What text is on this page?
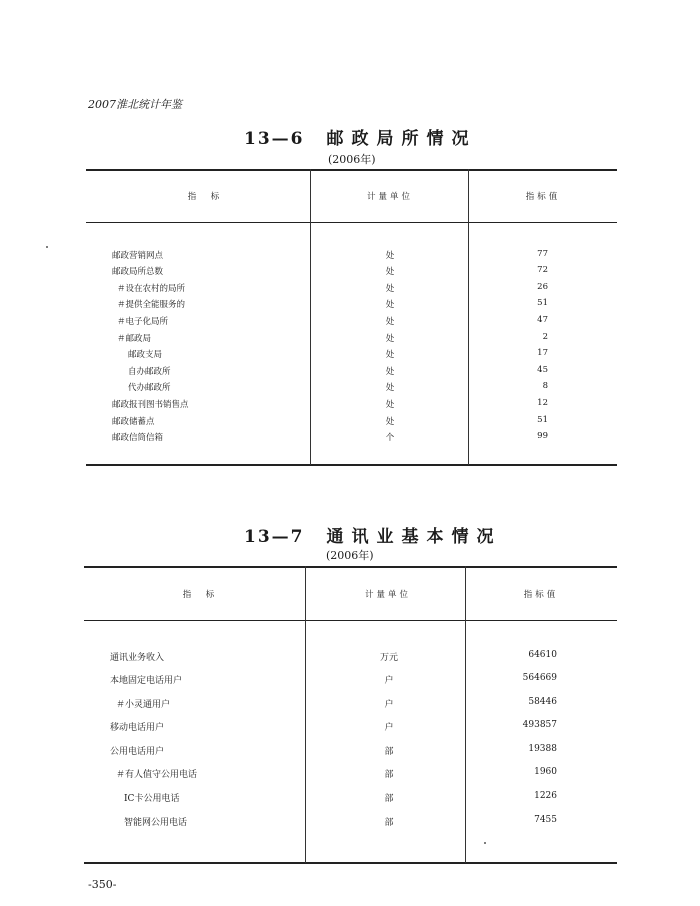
2007淮北统计年鉴
13—6 邮政局所情况
(2006年)
指　标	计量单位	指标值
邮政营销网点	处	77
邮政局所总数	处	72
＃设在农村的局所	处	26
＃提供全能服务的	处	51
＃电子化局所	处	47
＃邮政局	处	2
邮政支局	处	17
自办邮政所	处	45
代办邮政所	处	8
邮政报刊图书销售点	处	12
邮政储蓄点	处	51
邮政信筒信箱	个	99
13—7 通讯业基本情况
(2006年)
指　标	计量单位	指标值
通讯业务收入	万元	64610
本地固定电话用户	户	564669
＃小灵通用户	户	58446
移动电话用户	户	493857
公用电话用户	部	19388
＃有人值守公用电话	部	1960
IC卡公用电话	部	1226
智能网公用电话	部	7455
-350-
